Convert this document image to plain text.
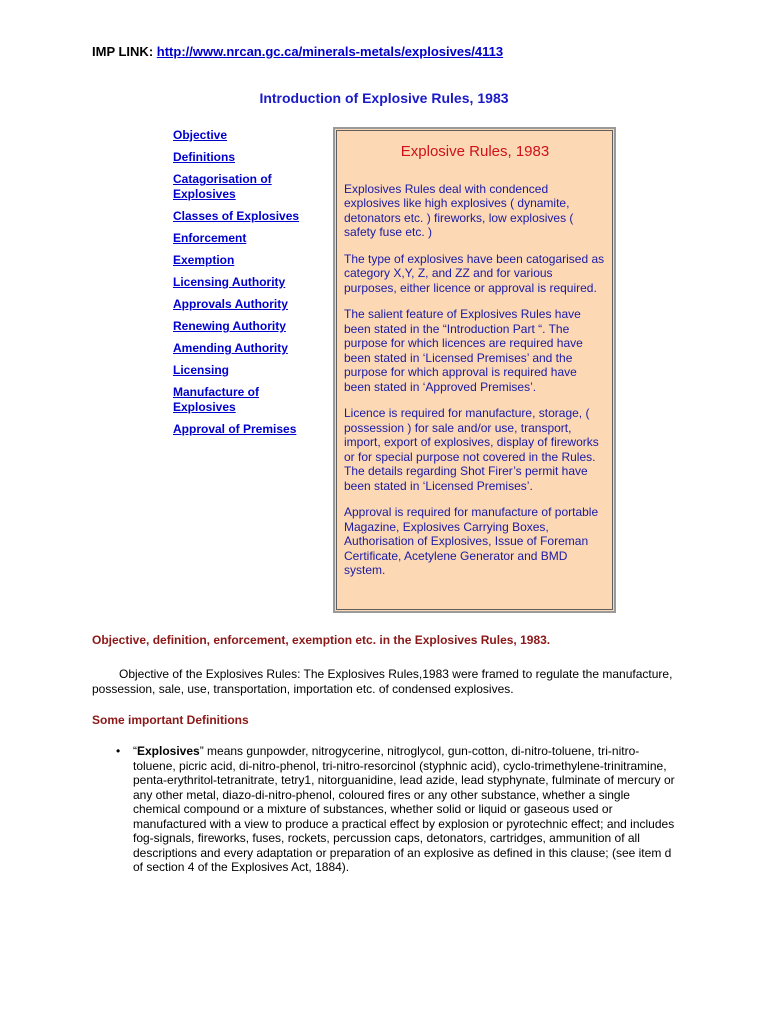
IMP LINK: http://www.nrcan.gc.ca/minerals-metals/explosives/4113
Introduction of Explosive Rules, 1983
Objective
Definitions
Catagorisation of Explosives
Classes of Explosives
Enforcement
Exemption
Licensing Authority
Approvals Authority
Renewing Authority
Amending Authority
Licensing
Manufacture of Explosives
Approval of Premises
Explosive Rules, 1983

Explosives Rules deal with condenced explosives like high explosives ( dynamite, detonators etc. ) fireworks, low explosives ( safety fuse etc. )

The type of explosives have been catogarised as category X,Y, Z, and ZZ and for various purposes, either licence or approval is required.

The salient feature of Explosives Rules have been stated in the “Introduction Part “. The purpose for which licences are required have been stated in ‘Licensed Premises’ and the purpose for which approval is required have been stated in ‘Approved Premises’.

Licence is required for manufacture, storage, ( possession ) for sale and/or use, transport, import, export of explosives, display of fireworks or for special purpose not covered in the Rules. The details regarding Shot Firer’s permit have been stated in ‘Licensed Premises’.

Approval is required for manufacture of portable Magazine, Explosives Carrying Boxes, Authorisation of Explosives, Issue of Foreman Certificate, Acetylene Generator and BMD system.

Objective, definition, enforcement, exemption etc. in the Explosives Rules, 1983.
Objective of the Explosives Rules: The Explosives Rules,1983 were framed to regulate the manufacture, possession, sale, use, transportation, importation etc. of condensed explosives.
Some important Definitions
• “Explosives” means gunpowder, nitrogycerine, nitroglycol, gun-cotton, di-nitro-toluene, tri-nitro-toluene, picric acid, di-nitro-phenol, tri-nitro-resorcinol (styphnic acid), cyclo-trimethylene-trinitramine, penta-erythritol-tetranitrate, tetry1, nitorguanidine, lead azide, lead styphynate, fulminate of mercury or any other metal, diazo-di-nitro-phenol, coloured fires or any other substance, whether a single chemical compound or a mixture of substances, whether solid or liquid or gaseous used or manufactured with a view to produce a practical effect by explosion or pyrotechnic effect; and includes fog-signals, fireworks, fuses, rockets, percussion caps, detonators, cartridges, ammunition of all descriptions and every adaptation or preparation of an explosive as defined in this clause; (see item d of section 4 of the Explosives Act, 1884).
